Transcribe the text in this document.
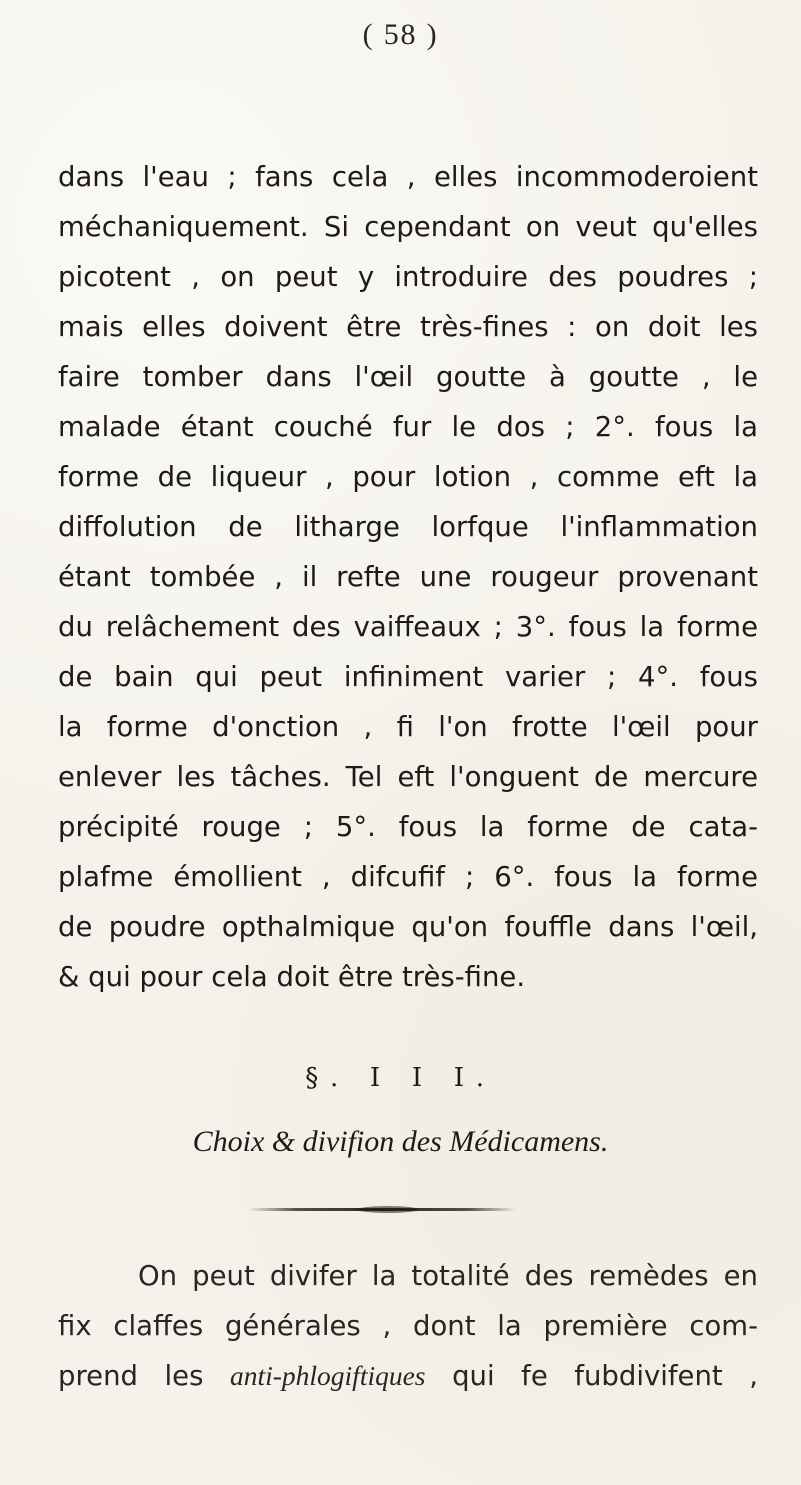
( 58 )
dans l'eau ; fans cela , elles incommoderoient
méchaniquement. Si cependant on veut qu'elles
picotent , on peut y introduire des poudres ;
mais elles doivent être très-fines : on doit les
faire tomber dans l'œil goutte à goutte , le
malade étant couché fur le dos ; 2°. fous la
forme de liqueur , pour lotion , comme eft la
diffolution de litharge lorfque l'inflammation
étant tombée , il refte une rougeur provenant
du relâchement des vaiffeaux ; 3°. fous la forme
de bain qui peut infiniment varier ; 4°. fous
la forme d'onction , fi l'on frotte l'œil pour
enlever les tâches. Tel eft l'onguent de mercure
précipité rouge ; 5°. fous la forme de cata-
plafme émollient , difcufif ; 6°. fous la forme
de poudre opthalmique qu'on fouffle dans l'œil,
& qui pour cela doit être très-fine.
§. I I I.
Choix & divifion des Médicamens.
On peut divifer la totalité des remèdes en
fix claffes générales , dont la première com-
prend les anti-phlogiftiques qui fe fubdivifent ,
